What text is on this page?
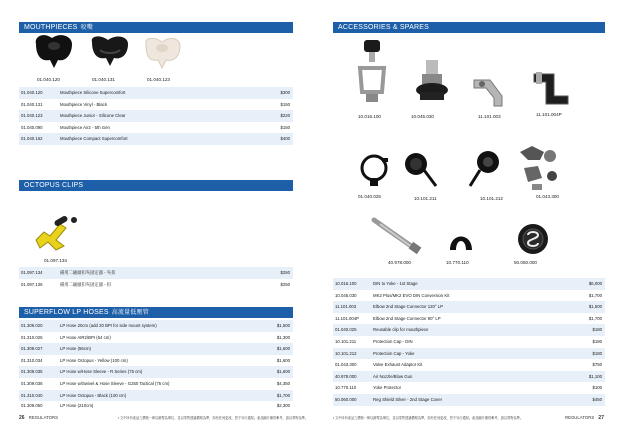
MOUTHPIECES 咬嘴
01.040.120	01.040.131	01.040.123
01.040.120	Mouthpiece Silicone Supercomfort	$300
01.040.131	Mouthpiece Vinyl - Black	$150
01.040.123	Mouthpiece Junior - Silicone Clear	$220
01.040.090	Mouthpiece Air2 - 5th Gen	$150
01.040.162	Mouthpiece Compact Supercomfort	$400
OCTOPUS CLIPS
01.097.134
01.097.134	備用二級頭扣夾固定器 - 夾扣	$250
01.097.136	備用二級頭扣夾固定器 - 扣	$250
SUPERFLOW LP HOSES 高流量低壓管
01.309.020	LP Hose 20cm (add 20 BPI for side mount system)	$1,500
01.310.025	LP Hose AIR2/BPI (64 cm)	$1,300
01.309.027	LP Hose (56cm)	$1,600
01.310.034	LP Hose Octopus - Yellow (100 cm)	$1,600
01.309.035	LP Hose w/Hose Sleeve - R Series (75 cm)	$1,600
01.309.038	LP Hose w/Swivel & Hose Sleeve - G250 Tactical (75 cm)	$4,350
01.310.040	LP Hose Octopus - Black (100 cm)	$1,700
01.309.050	LP Hose (210cm)	$2,300
ACCESSORIES & SPARES
10.016.100	10.045.030	11.101.003	11.101.004P
01.040.025	10.101.211	10.101.212	01.043.300
40.978.000	10.770.110	50.060.000
10.016.100	DIN to Yoke - 1st Stage	$6,000
10.045.030	MK2 Plus/MK2 EVO DIN Conversion Kit	$1,700
11.101.003	Elbow 2nd Stage Connector 120° LP	$1,500
11.101.004P	Elbow 2nd Stage Connector 90° LP	$1,700
01.040.025	Reusable clip for mouthpiece	$180
10.101.211	Protection Cap - DIN	$180
10.101.212	Protection Cap - Yoke	$180
01.043.300	Valve Exhaust Adaptor Kit	$750
40.978.000	Air Nozzle/Blow Gun	$1,100
10.770.110	Yoke Protector	$100
50.060.000	Reg Shield Silver - 2nd Stage Cover	$450
26 REGULATORS	• 文中所有產品之價格一律以港幣為單位，並以零售建議價格為準，如有任何更改，恕不另行通知。產品圖片僅供參考，請以實物為準。	• 文中所有產品之價格一律以港幣為單位，並以零售建議價格為準，如有任何更改，恕不另行通知。產品圖片僅供參考，請以實物為準。	REGULATORS 27
